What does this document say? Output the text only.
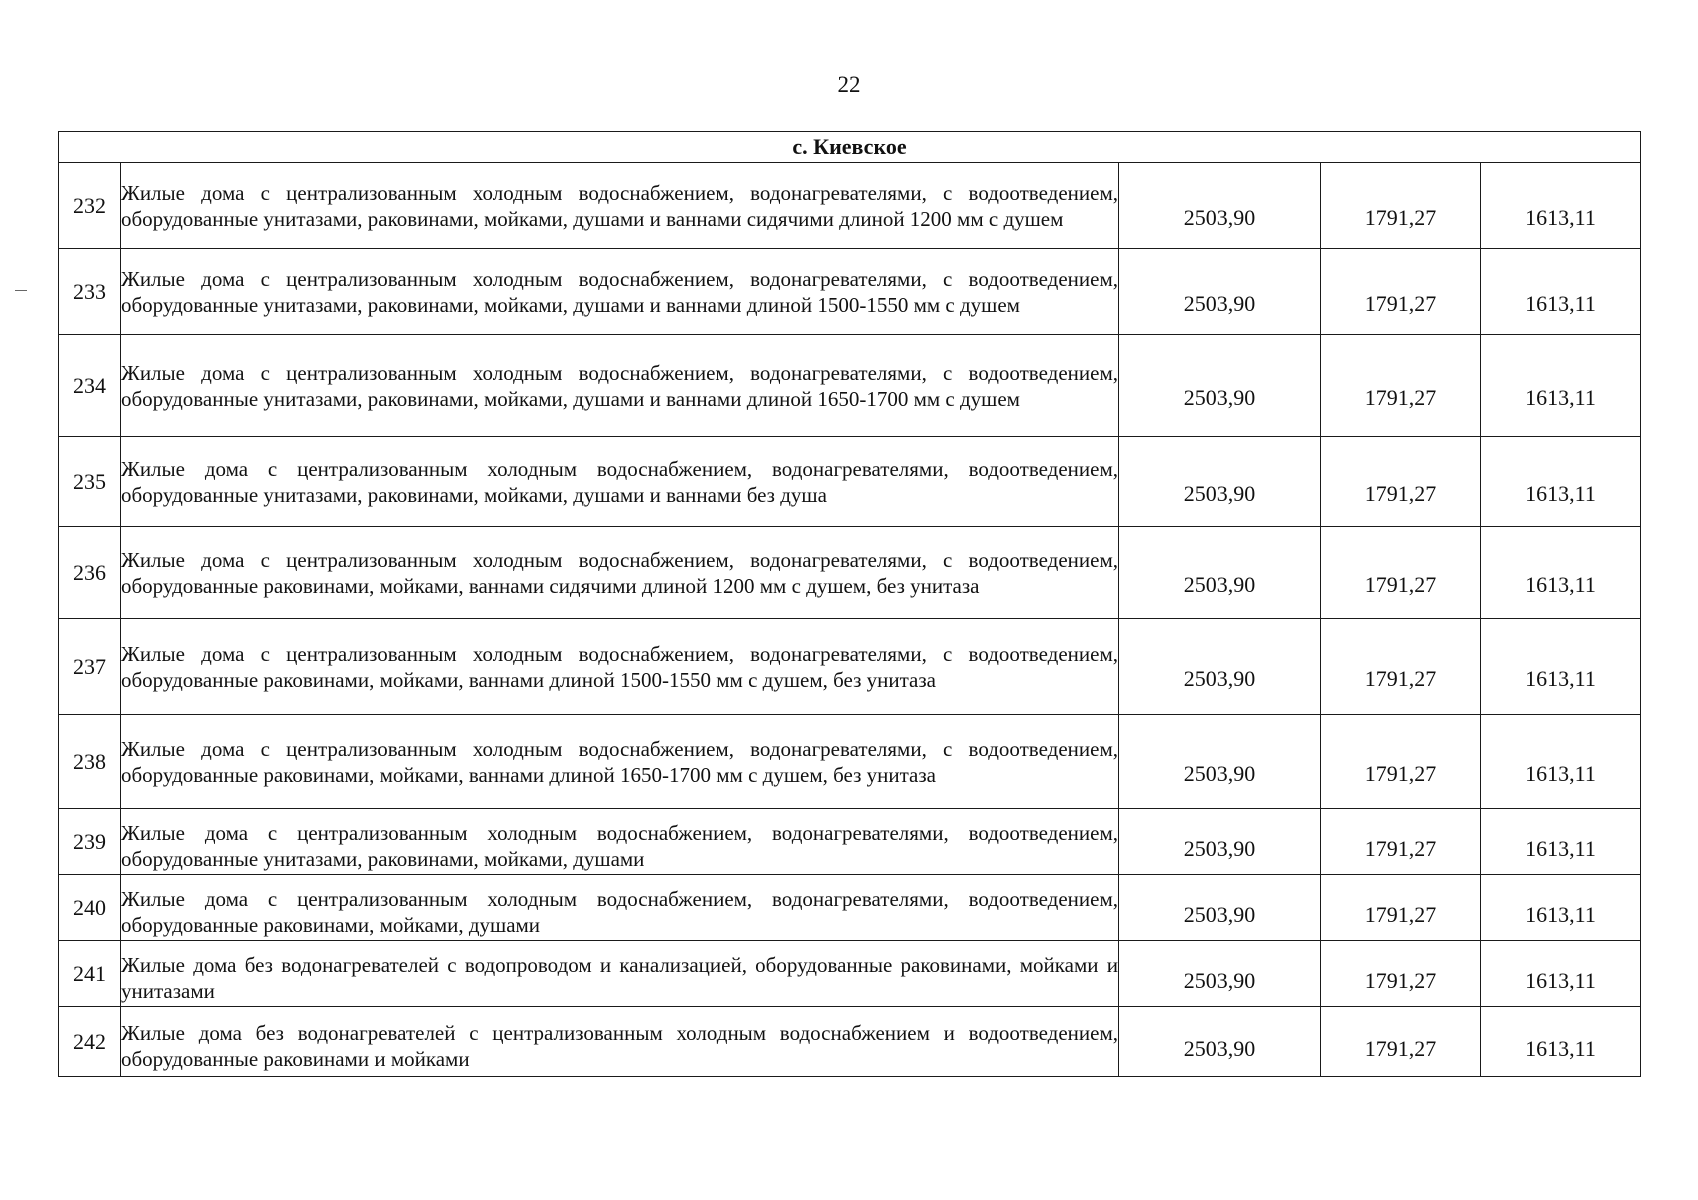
22
с. Киевское				
232	Жилые дома с централизованным холодным водоснабжением, водонагревателями, с водоотведением, оборудованные унитазами, раковинами, мойками, душами и ваннами сидячими длиной 1200 мм с душем	2503,90	1791,27	1613,11
233	Жилые дома с централизованным холодным водоснабжением, водонагревателями, с водоотведением, оборудованные унитазами, раковинами, мойками, душами и ваннами длиной 1500-1550 мм с душем	2503,90	1791,27	1613,11
234	Жилые дома с централизованным холодным водоснабжением, водонагревателями, с водоотведением, оборудованные унитазами, раковинами, мойками, душами и ваннами длиной 1650-1700 мм с душем	2503,90	1791,27	1613,11
235	Жилые дома с централизованным холодным водоснабжением, водонагревателями, водоотведением, оборудованные унитазами, раковинами, мойками, душами и ваннами без душа	2503,90	1791,27	1613,11
236	Жилые дома с централизованным холодным водоснабжением, водонагревателями, с водоотведением, оборудованные раковинами, мойками, ваннами сидячими длиной 1200 мм с душем, без унитаза	2503,90	1791,27	1613,11
237	Жилые дома с централизованным холодным водоснабжением, водонагревателями, с водоотведением, оборудованные раковинами, мойками, ваннами длиной 1500-1550 мм с душем, без унитаза	2503,90	1791,27	1613,11
238	Жилые дома с централизованным холодным водоснабжением, водонагревателями, с водоотведением, оборудованные раковинами, мойками, ваннами длиной 1650-1700 мм с душем, без унитаза	2503,90	1791,27	1613,11
239	Жилые дома с централизованным холодным водоснабжением, водонагревателями, водоотведением, оборудованные унитазами, раковинами, мойками, душами	2503,90	1791,27	1613,11
240	Жилые дома с централизованным холодным водоснабжением, водонагревателями, водоотведением, оборудованные раковинами, мойками, душами	2503,90	1791,27	1613,11
241	Жилые дома без водонагревателей с водопроводом и канализацией, оборудованные раковинами, мойками и унитазами	2503,90	1791,27	1613,11
242	Жилые дома без водонагревателей с централизованным холодным водоснабжением и водоотведением, оборудованные раковинами и мойками	2503,90	1791,27	1613,11
